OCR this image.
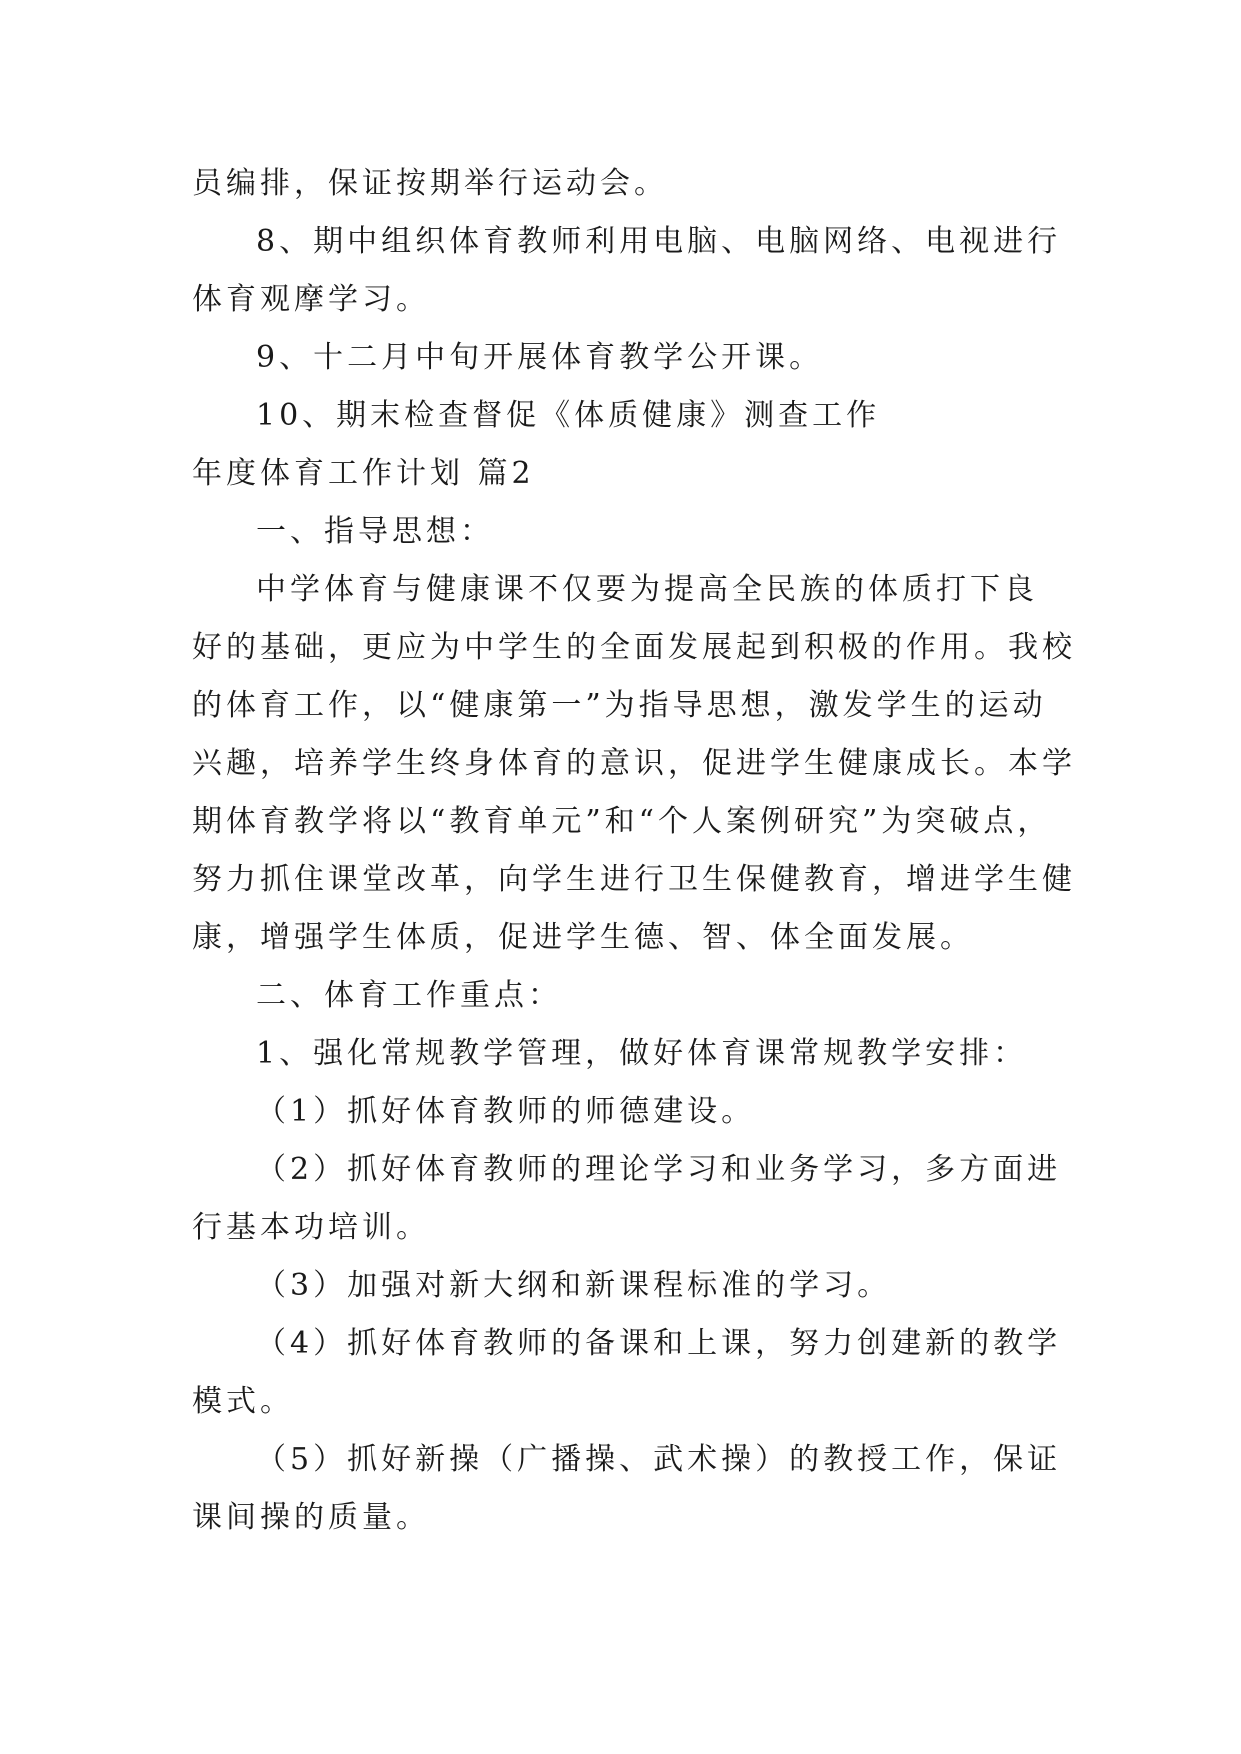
员编排，保证按期举行运动会。
8、期中组织体育教师利用电脑、电脑网络、电视进行
体育观摩学习。
9、十二月中旬开展体育教学公开课。
10、期末检查督促《体质健康》测查工作
年度体育工作计划 篇2
一、指导思想：
中学体育与健康课不仅要为提高全民族的体质打下良
好的基础，更应为中学生的全面发展起到积极的作用。我校
的体育工作，以“健康第一”为指导思想，激发学生的运动
兴趣，培养学生终身体育的意识，促进学生健康成长。本学
期体育教学将以“教育单元”和“个人案例研究”为突破点，
努力抓住课堂改革，向学生进行卫生保健教育，增进学生健
康，增强学生体质，促进学生德、智、体全面发展。
二、体育工作重点：
1、强化常规教学管理，做好体育课常规教学安排：
（1）抓好体育教师的师德建设。
（2）抓好体育教师的理论学习和业务学习，多方面进
行基本功培训。
（3）加强对新大纲和新课程标准的学习。
（4）抓好体育教师的备课和上课，努力创建新的教学
模式。
（5）抓好新操（广播操、武术操）的教授工作，保证
课间操的质量。
